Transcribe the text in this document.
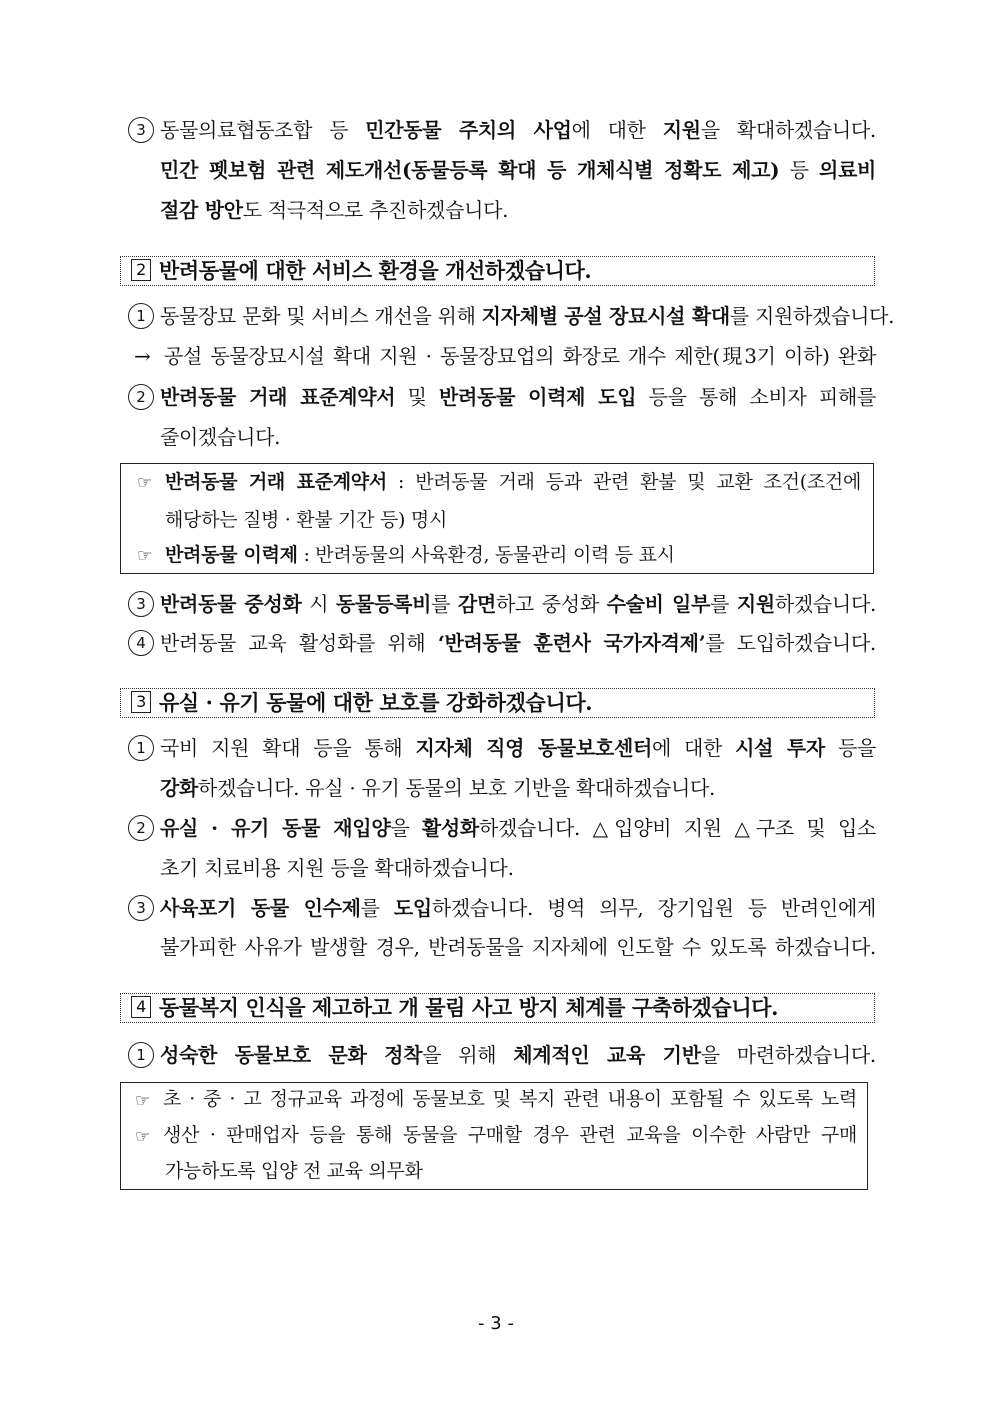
3 동물의료협동조합 등 민간동물 주치의 사업에 대한 지원을 확대하겠습니다.
민간 펫보험 관련 제도개선(동물등록 확대 등 개체식별 정확도 제고) 등 의료비
절감 방안도 적극적으로 추진하겠습니다.
2 반려동물에 대한 서비스 환경을 개선하겠습니다.
1 동물장묘 문화 및 서비스 개선을 위해 지자체별 공설 장묘시설 확대를 지원하겠습니다.
→ 공설 동물장묘시설 확대 지원 · 동물장묘업의 화장로 개수 제한(現3기 이하) 완화
2 반려동물 거래 표준계약서 및 반려동물 이력제 도입 등을 통해 소비자 피해를
줄이겠습니다.
☞ 반려동물 거래 표준계약서 : 반려동물 거래 등과 관련 환불 및 교환 조건(조건에
해당하는 질병 · 환불 기간 등) 명시
☞ 반려동물 이력제 : 반려동물의 사육환경, 동물관리 이력 등 표시
3 반려동물 중성화 시 동물등록비를 감면하고 중성화 수술비 일부를 지원하겠습니다.
4 반려동물 교육 활성화를 위해 ‘반려동물 훈련사 국가자격제’를 도입하겠습니다.
3 유실 · 유기 동물에 대한 보호를 강화하겠습니다.
1 국비 지원 확대 등을 통해 지자체 직영 동물보호센터에 대한 시설 투자 등을
강화하겠습니다. 유실 · 유기 동물의 보호 기반을 확대하겠습니다.
2 유실 · 유기 동물 재입양을 활성화하겠습니다. △입양비 지원 △구조 및 입소
초기 치료비용 지원 등을 확대하겠습니다.
3 사육포기 동물 인수제를 도입하겠습니다. 병역 의무, 장기입원 등 반려인에게
불가피한 사유가 발생할 경우, 반려동물을 지자체에 인도할 수 있도록 하겠습니다.
4 동물복지 인식을 제고하고 개 물림 사고 방지 체계를 구축하겠습니다.
1 성숙한 동물보호 문화 정착을 위해 체계적인 교육 기반을 마련하겠습니다.
☞ 초 · 중 · 고 정규교육 과정에 동물보호 및 복지 관련 내용이 포함될 수 있도록 노력
☞ 생산 · 판매업자 등을 통해 동물을 구매할 경우 관련 교육을 이수한 사람만 구매
가능하도록 입양 전 교육 의무화
- 3 -
